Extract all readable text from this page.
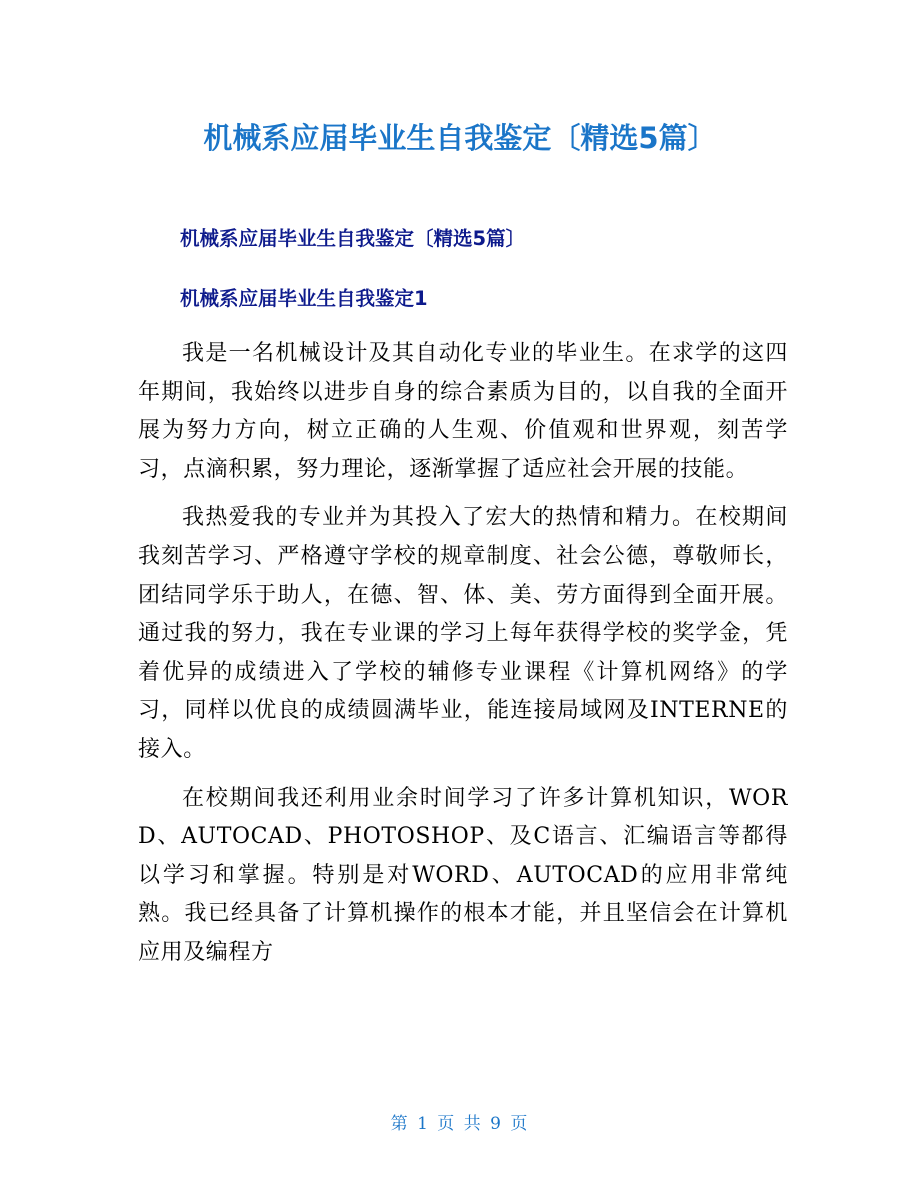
机械系应届毕业生自我鉴定〔精选5篇〕
机械系应届毕业生自我鉴定〔精选5篇〕
机械系应届毕业生自我鉴定1

我是一名机械设计及其自动化专业的毕业生。在求学的这四年期间，我始终以进步自身的综合素质为目的，以自我的全面开展为努力方向，树立正确的人生观、价值观和世界观，刻苦学习，点滴积累，努力理论，逐渐掌握了适应社会开展的技能。

我热爱我的专业并为其投入了宏大的热情和精力。在校期间我刻苦学习、严格遵守学校的规章制度、社会公德，尊敬师长，团结同学乐于助人，在德、智、体、美、劳方面得到全面开展。通过我的努力，我在专业课的学习上每年获得学校的奖学金，凭着优异的成绩进入了学校的辅修专业课程《计算机网络》的学习，同样以优良的成绩圆满毕业，能连接局域网及INTERNE的接入。

在校期间我还利用业余时间学习了许多计算机知识，WORD、AUTOCAD、PHOTOSHOP、及C语言、汇编语言等都得以学习和掌握。特别是对WORD、AUTOCAD的应用非常纯熟。我已经具备了计算机操作的根本才能，并且坚信会在计算机应用及编程方

第 1 页 共 9 页
